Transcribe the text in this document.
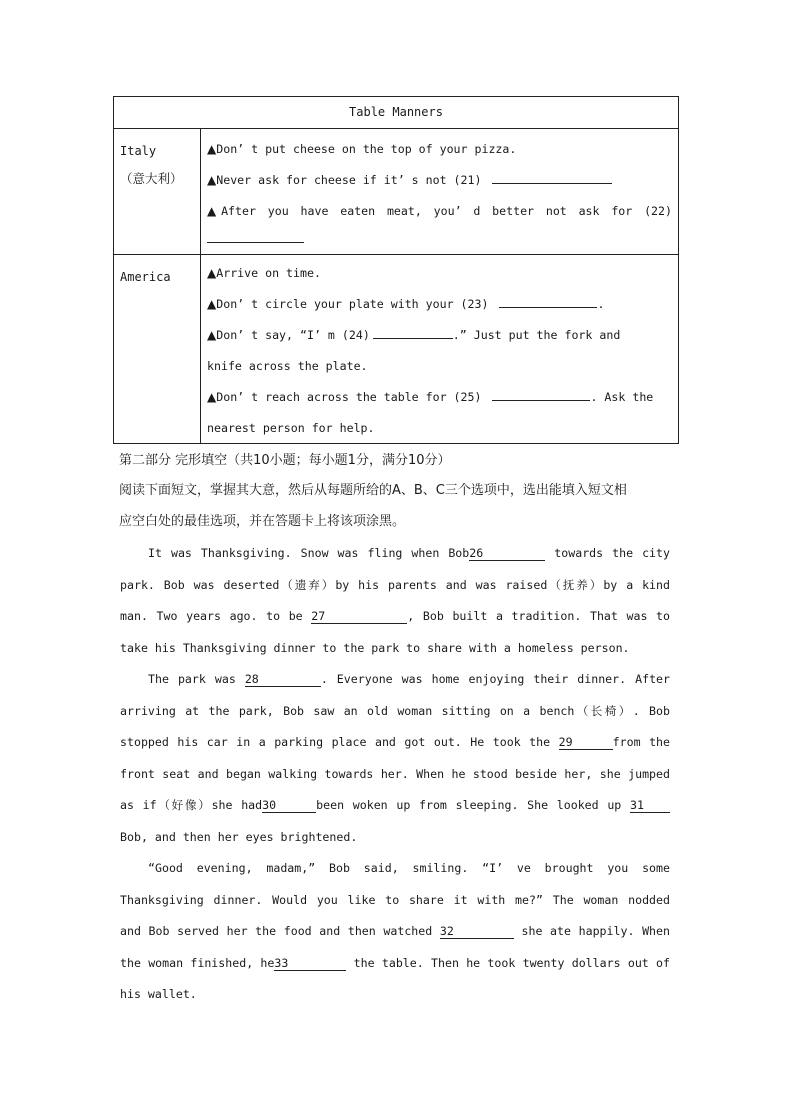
Table Manners
Italy
（意大利）
▲Don’ t put cheese on the top of your pizza.
▲Never ask for cheese if it’ s not (21)
▲After you have eaten meat, you’ d better not ask for (22)
America	▲Arrive on time.
▲Don’ t circle your plate with your (23)	.
▲Don’ t say, “I’ m (24)	.” Just put the fork and
knife across the plate.
▲Don’ t reach across the table for (25)	. Ask the
nearest person for help.
第二部分 完形填空（共10小题；每小题1分，满分10分）
阅读下面短文，掌握其大意，然后从每题所给的A、B、C三个选项中，选出能填入短文相
应空白处的最佳选项，并在答题卡上将该项涂黑。
It was Thanksgiving. Snow was fling when Bob26	towards the city
park. Bob was deserted（遗弃）by his parents and was raised（抚养）by a kind
man. Two years ago. to be 27	, Bob built a tradition. That was to
take his Thanksgiving dinner to the park to share with a homeless person.
The park was 28	. Everyone was home enjoying their dinner. After
arriving at the park, Bob saw an old woman sitting on a bench（长椅）. Bob
stopped his car in a parking place and got out. He took the 29	from the
front seat and began walking towards her. When he stood beside her, she jumped
as if（好像）she had30	been woken up from sleeping. She looked up 31
Bob, and then her eyes brightened.
“Good evening, madam,” Bob said, smiling. “I’ ve brought you some
Thanksgiving dinner. Would you like to share it with me?” The woman nodded
and Bob served her the food and then watched 32	she ate happily. When
the woman finished, he33	the table. Then he took twenty dollars out of
his wallet.
